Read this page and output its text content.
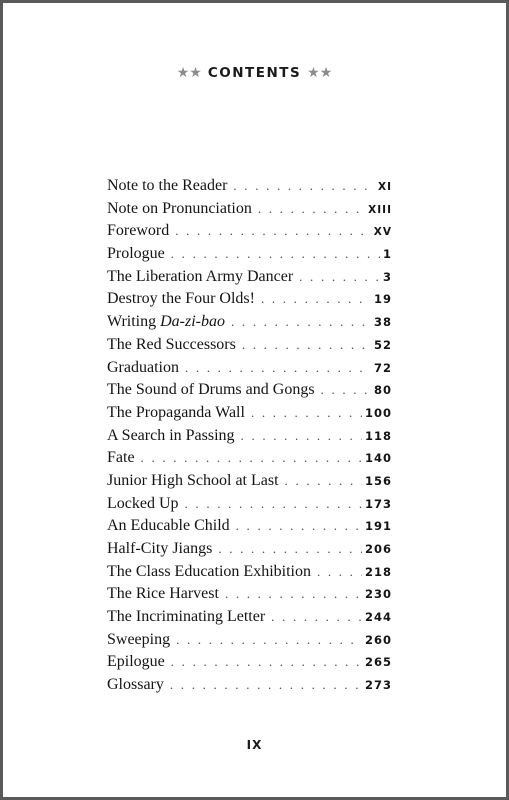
★★ CONTENTS ★★
Note to the Reader . . .	XI
Note on Pronunciation . . .	XIII
Foreword . . .	XV
Prologue . . .	1
The Liberation Army Dancer . . .	3
Destroy the Four Olds! . . .	19
Writing Da-zi-bao . . .	38
The Red Successors . . .	52
Graduation . . .	72
The Sound of Drums and Gongs . . .	80
The Propaganda Wall . . .	100
A Search in Passing . . .	118
Fate . . .	140
Junior High School at Last . . .	156
Locked Up . . .	173
An Educable Child . . .	191
Half-City Jiangs . . .	206
The Class Education Exhibition . . .	218
The Rice Harvest . . .	230
The Incriminating Letter . . .	244
Sweeping . . .	260
Epilogue . . .	265
Glossary . . .	273
IX
